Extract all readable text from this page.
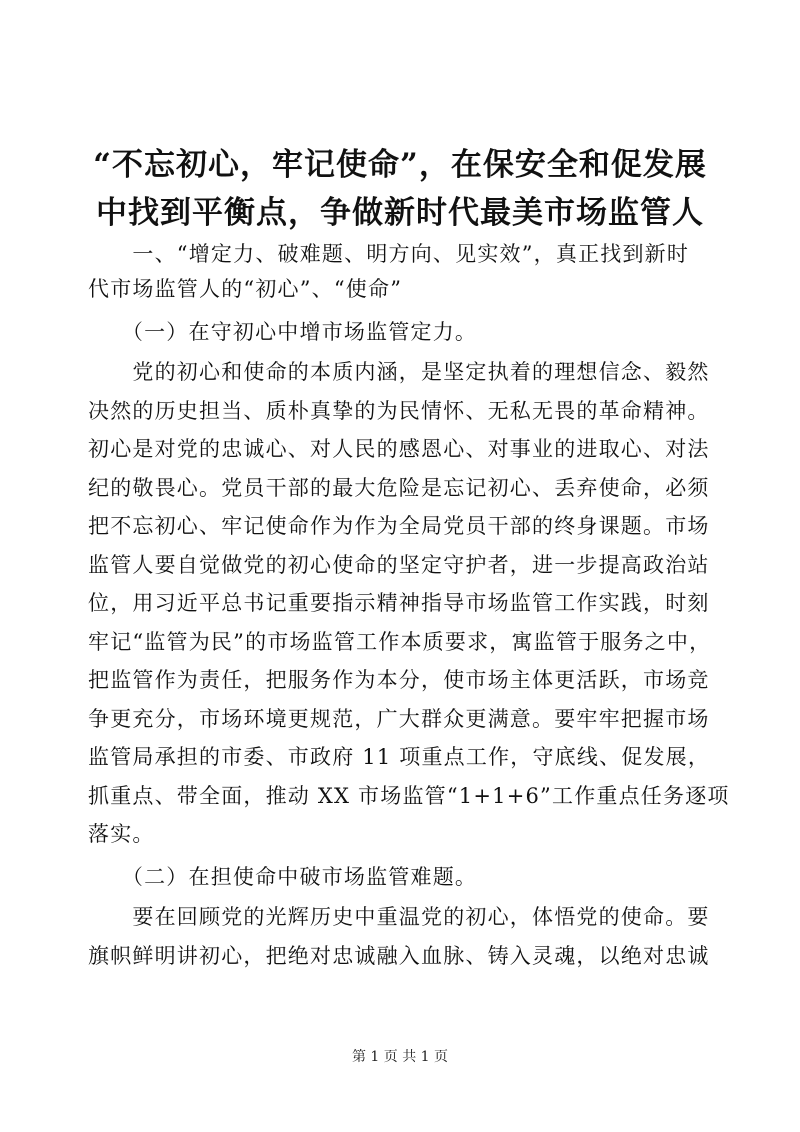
“不忘初心，牢记使命”，在保安全和促发展
中找到平衡点，争做新时代最美市场监管人
　　一、“增定力、破难题、明方向、见实效”，真正找到新时
代市场监管人的“初心”、“使命”
　　（一）在守初心中增市场监管定力。
　　党的初心和使命的本质内涵，是坚定执着的理想信念、毅然
决然的历史担当、质朴真挚的为民情怀、无私无畏的革命精神。
初心是对党的忠诚心、对人民的感恩心、对事业的进取心、对法
纪的敬畏心。党员干部的最大危险是忘记初心、丢弃使命，必须
把不忘初心、牢记使命作为作为全局党员干部的终身课题。市场
监管人要自觉做党的初心使命的坚定守护者，进一步提高政治站
位，用习近平总书记重要指示精神指导市场监管工作实践，时刻
牢记“监管为民”的市场监管工作本质要求，寓监管于服务之中，
把监管作为责任，把服务作为本分，使市场主体更活跃，市场竞
争更充分，市场环境更规范，广大群众更满意。要牢牢把握市场
监管局承担的市委、市政府 11 项重点工作，守底线、促发展，
抓重点、带全面，推动 XX 市场监管“1+1+6”工作重点任务逐项
落实。
　　（二）在担使命中破市场监管难题。
　　要在回顾党的光辉历史中重温党的初心，体悟党的使命。要
旗帜鲜明讲初心，把绝对忠诚融入血脉、铸入灵魂，以绝对忠诚
第 1 页 共 1 页
